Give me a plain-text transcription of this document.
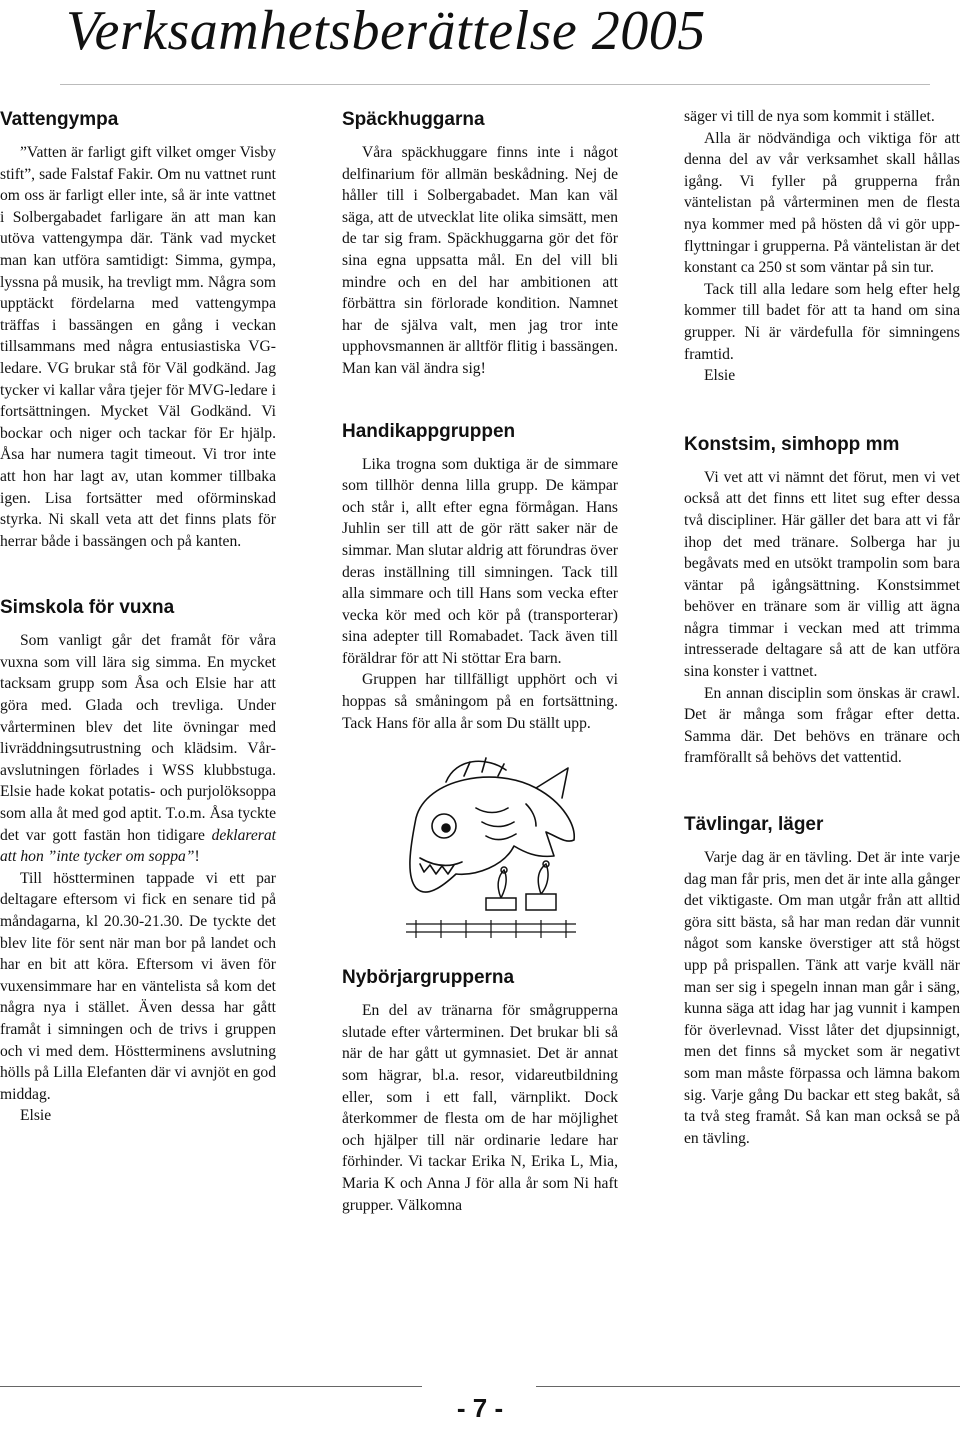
Verksamhetsberättelse 2005
Vattengympa

”Vatten är farligt gift vilket omger Visby stift”, sade Falstaf Fakir. Om nu vattnet runt om oss är farligt eller inte, så är inte vattnet i Solbergabadet farligare än att man kan utöva vattengympa där. Tänk vad mycket man kan utföra samtidigt: Simma, gympa, lyssna på musik, ha trevligt mm. Några som upptäckt fördelarna med vattengympa träffas i bassängen en gång i veckan tillsammans med några entusiastiska VG-ledare. VG brukar stå för Väl godkänd. Jag tycker vi kallar våra tjejer för MVG-ledare i fortsättningen. Mycket Väl Godkänd. Vi bockar och niger och tackar för Er hjälp. Åsa har numera tagit timeout. Vi tror inte att hon har lagt av, utan kommer tillbaka igen. Lisa fortsätter med oförminskad styrka. Ni skall veta att det finns plats för herrar både i bassängen och på kanten.

Simskola för vuxna

Som vanligt går det framåt för våra vuxna som vill lära sig simma. En mycket tacksam grupp som Åsa och Elsie har att göra med. Glada och trevliga. Under vårterminen blev det lite övningar med livräddningsutrustning och klädsim. Våravslutningen förlades i WSS klubbstuga. Elsie hade kokat potatis- och purjolöksoppa som alla åt med god aptit. T.o.m. Åsa tyckte det var gott fastän hon tidigare deklarerat att hon ”inte tycker om soppa”!

Till höstterminen tappade vi ett par deltagare eftersom vi fick en senare tid på måndagarna, kl 20.30-21.30. De tyckte det blev lite för sent när man bor på landet och har en bit att köra. Eftersom vi även för vuxensimmare har en väntelista så kom det några nya i stället. Även dessa har gått framåt i simningen och de trivs i gruppen och vi med dem. Höstterminens avslutning hölls på Lilla Elefanten där vi avnjöt en god middag.

Elsie

Späckhuggarna

Våra späckhuggare finns inte i något delfinarium för allmän beskådning. Nej de håller till i Solbergabadet. Man kan väl säga, att de utvecklat lite olika simsätt, men de tar sig fram. Späckhuggarna gör det för sina egna uppsatta mål. En del vill bli mindre och en del har ambitionen att förbättra sin förlorade kondition. Namnet har de själva valt, men jag tror inte upphovsmannen är alltför flitig i bassängen. Man kan väl ändra sig!

Handikappgruppen

Lika trogna som duktiga är de simmare som tillhör denna lilla grupp. De kämpar och står i, allt efter egna förmågan. Hans Juhlin ser till att de gör rätt saker när de simmar. Man slutar aldrig att förundras över deras inställning till simningen. Tack till alla simmare och till Hans som vecka efter vecka kör med och kör på (transporterar) sina adepter till Romabadet. Tack även till föräldrar för att Ni stöttar Era barn.

Gruppen har tillfälligt upphört och vi hoppas så småningom på en fortsättning. Tack Hans för alla år som Du ställt upp.

Nybörjargrupperna

En del av tränarna för smågrupperna slutade efter vårterminen. Det brukar bli så när de har gått ut gymnasiet. Det är annat som hägrar, bl.a. resor, vidareutbildning eller, som i ett fall, värnplikt. Dock återkommer de flesta om de har möjlighet och hjälper till när ordinarie ledare har förhinder. Vi tackar Erika N, Erika L, Mia, Maria K och Anna J för alla år som Ni haft grupper. Välkomna

säger vi till de nya som kommit i stället.

Alla är nödvändiga och viktiga för att denna del av vår verksamhet skall hållas igång. Vi fyller på grupperna från väntelistan på vårterminen men de flesta nya kommer med på hösten då vi gör uppflyttningar i grupperna. På väntelistan är det konstant ca 250 st som väntar på sin tur.

Tack till alla ledare som helg efter helg kommer till badet för att ta hand om sina grupper. Ni är värdefulla för simningens framtid.

Elsie

Konstsim, simhopp mm

Vi vet att vi nämnt det förut, men vi vet också att det finns ett litet sug efter dessa två discipliner. Här gäller det bara att vi får ihop det med tränare. Solberga har ju begåvats med en utsökt trampolin som bara väntar på igångsättning. Konstsimmet behöver en tränare som är villig att ägna några timmar i veckan med att trimma intresserade deltagare så att de kan utföra sina konster i vattnet.

En annan disciplin som önskas är crawl. Det är många som frågar efter detta. Samma där. Det behövs en tränare och framförallt så behövs det vattentid.

Tävlingar, läger

Varje dag är en tävling. Det är inte varje dag man får pris, men det är inte alla gånger det viktigaste. Om man utgår från att alltid göra sitt bästa, så har man redan där vunnit något som kanske överstiger att stå högst upp på prispallen. Tänk att varje kväll när man ser sig i spegeln innan man går i säng, kunna säga att idag har jag vunnit i kampen för överlevnad. Visst låter det djupsinnigt, men det finns så mycket som är negativt som man måste förpassa och lämna bakom sig. Varje gång Du backar ett steg bakåt, så ta två steg framåt. Så kan man också se på en tävling.

- 7 -
